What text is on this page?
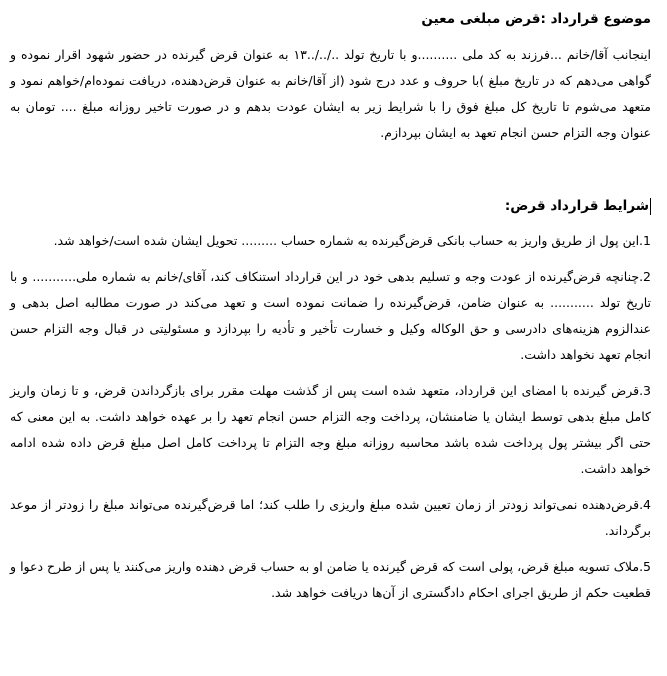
موضوع قرارداد :قرض مبلغی معین

اینجانب آقا/خانم ...فرزند به کد ملی ..........و با تاریخ تولد ../../..۱۳ به عنوان قرض گیرنده در حضور شهود اقرار نموده و گواهی می‌دهم که در تاریخ مبلغ )با حروف و عدد درج شود (از آقا/خانم به عنوان قرض‌دهنده، دریافت نموده‌ام/خواهم نمود و متعهد می‌شوم تا تاریخ کل مبلغ فوق را با شرایط زیر به ایشان عودت بدهم و در صورت تاخیر روزانه مبلغ .... تومان به عنوان وجه التزام حسن انجام تعهد به ایشان بپردازم.

شرایط قرارداد قرض:

1.این پول از طریق واریز به حساب بانکی قرض‌گیرنده به شماره حساب ......... تحویل ایشان شده است/خواهد شد.

2.چنانچه قرض‌گیرنده از عودت وجه و تسلیم بدهی خود در این قرارداد استنکاف کند، آقای/خانم به شماره ملی........... و با تاریخ تولد ........... به عنوان ضامن، قرض‌گیرنده را ضمانت نموده است و تعهد می‌کند در صورت مطالبه اصل بدهی و عندالزوم هزینه‌های دادرسی و حق الوکاله وکیل و خسارت تأخیر و تأدیه را بپردازد و مسئولیتی در قبال وجه التزام حسن انجام تعهد نخواهد داشت.

3.قرض گیرنده با امضای این قرارداد، متعهد شده است پس از گذشت مهلت مقرر برای بازگرداندن قرض، و تا زمان واریز کامل مبلغ بدهی توسط ایشان یا ضامنشان، پرداخت وجه التزام حسن انجام تعهد را بر عهده خواهد داشت. به این معنی که حتی اگر بیشتر پول پرداخت شده باشد محاسبه روزانه مبلغ وجه التزام تا پرداخت کامل اصل مبلغ قرض داده شده ادامه خواهد داشت.

4.قرض‌دهنده نمی‌تواند زودتر از زمان تعیین شده مبلغ واریزی را طلب کند؛ اما قرض‌گیرنده می‌تواند مبلغ را زودتر از موعد برگرداند.

5.ملاک تسویه مبلغ قرض، پولی است که قرض گیرنده یا ضامن او به حساب قرض دهنده واریز می‌کنند یا پس از طرح دعوا و قطعیت حکم از طریق اجرای احکام دادگستری از آن‌ها دریافت خواهد شد.
